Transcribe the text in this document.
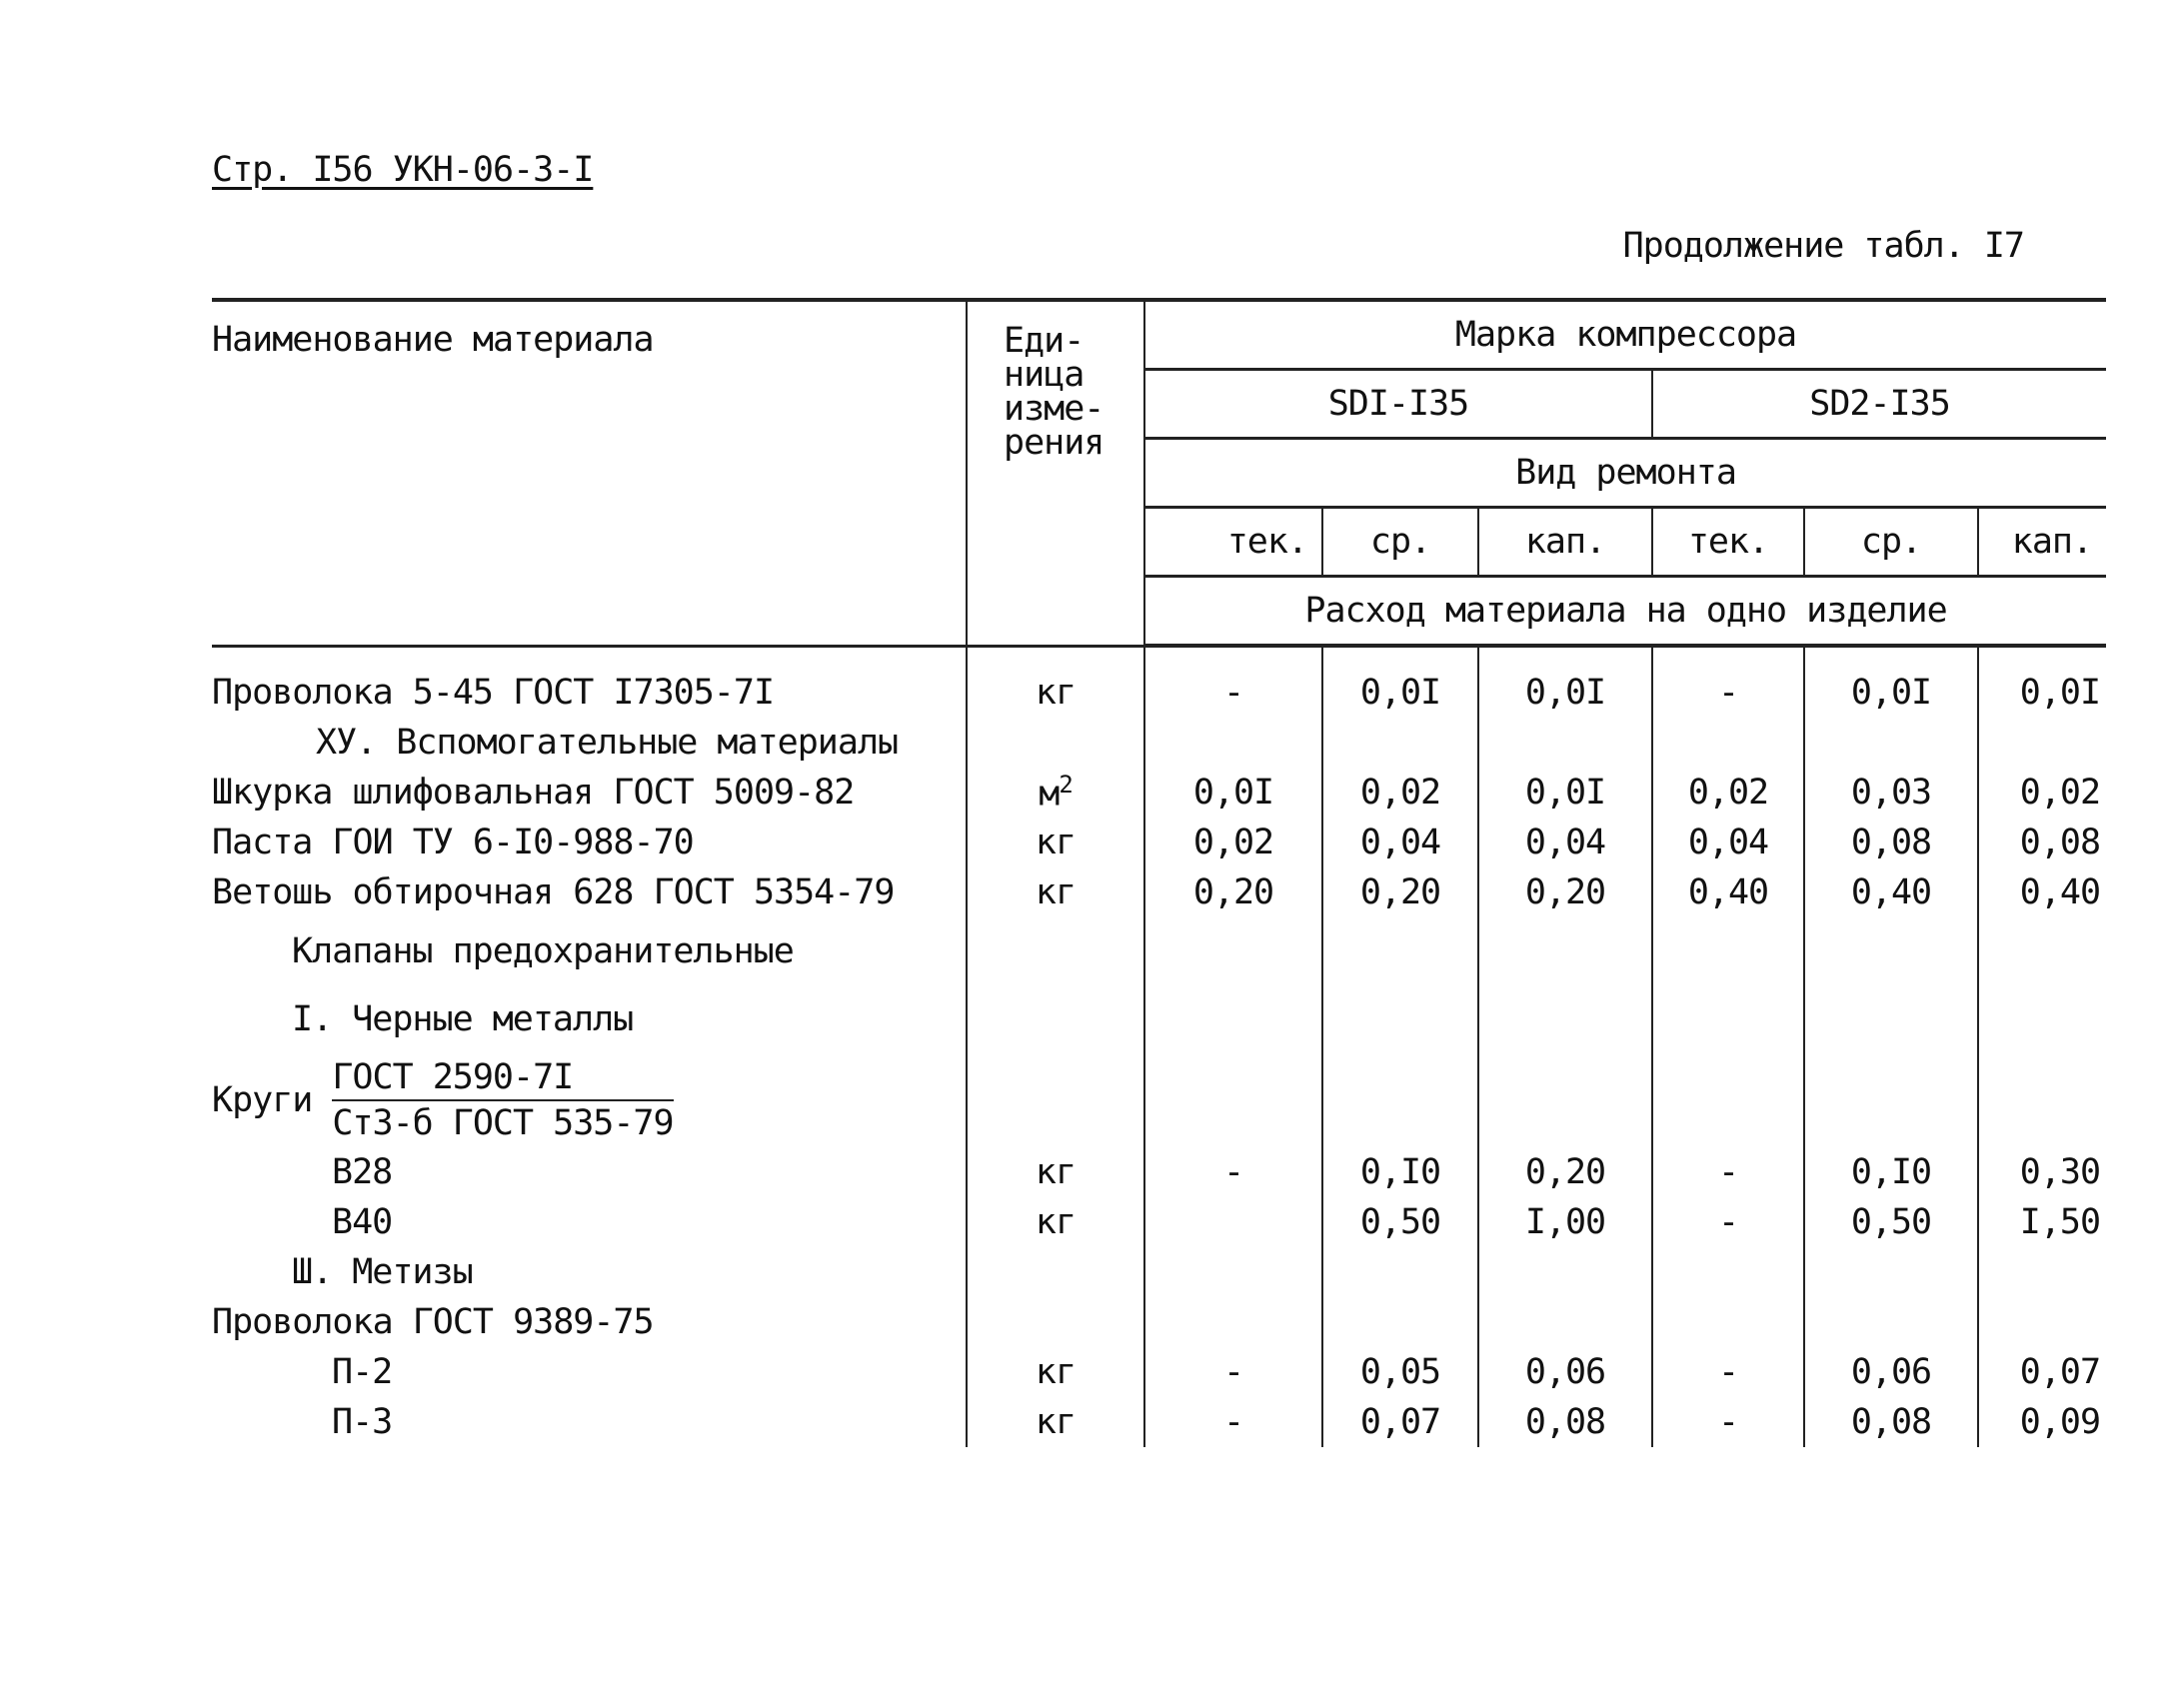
Стр. I56 УКН-06-3-I
Продолжение табл. I7
Наименование материала	Еди-
ница
изме-
рения	Марка компрессора					
		SDI-I35			SD2-I35		
		Вид ремонта					
		тек.	ср.	кап.	тек.	ср.	кап.
		Расход материала на одно изделие					
Проволока 5-45 ГОСТ I7305-7I	кг	-	0,0I	0,0I	-	0,0I	0,0I
ХУ. Вспомогательные материалы							
Шкурка шлифовальная ГОСТ 5009-82	$м^2$	0,0I	0,02	0,0I	0,02	0,03	0,02
Паста ГОИ ТУ 6-I0-988-70	кг	0,02	0,04	0,04	0,04	0,08	0,08
Ветошь обтирочная 628 ГОСТ 5354-79	кг	0,20	0,20	0,20	0,40	0,40	0,40
Клапаны предохранительные							
I. Черные металлы							

Круги $\frac{\text{ГОСТ 2590-7I}}{\text{Ст3-б ГОСТ 535-79}}$

В28	кг	-	0,I0	0,20	-	0,I0	0,30
В40	кг		0,50	I,00	-	0,50	I,50
Ш. Метизы							
Проволока ГОСТ 9389-75							
П-2	кг	-	0,05	0,06	-	0,06	0,07
П-3	кг	-	0,07	0,08	-	0,08	0,09
